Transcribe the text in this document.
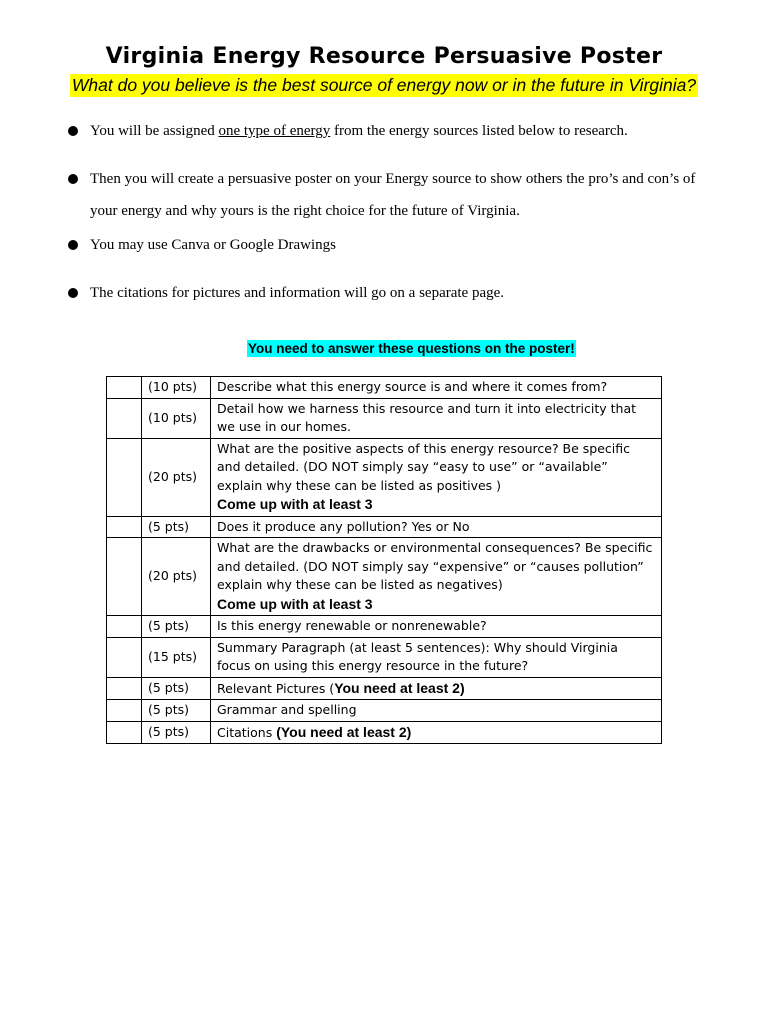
Virginia Energy Resource Persuasive Poster
What do you believe is the best source of energy now or in the future in Virginia?
You will be assigned one type of energy from the energy sources listed below to research.
Then you will create a persuasive poster on your Energy source to show others the pro’s and con’s of your energy and why yours is the right choice for the future of Virginia.
You may use Canva or Google Drawings
The citations for pictures and information will go on a separate page.
You need to answer these questions on the poster!
	(10 pts)	Describe what this energy source is and where it comes from?
	(10 pts)	Detail how we harness this resource and turn it into electricity that we use in our homes.
	(20 pts)	What are the positive aspects of this energy resource? Be specific and detailed. (DO NOT simply say “easy to use” or “available” explain why these can be listed as positives )
Come up with at least 3
	(5 pts)	Does it produce any pollution? Yes or No
	(20 pts)	What are the drawbacks or environmental consequences? Be specific and detailed. (DO NOT simply say “expensive” or “causes pollution” explain why these can be listed as negatives)
Come up with at least 3
	(5 pts)	Is this energy renewable or nonrenewable?
	(15 pts)	Summary Paragraph (at least 5 sentences): Why should Virginia focus on using this energy resource in the future?
	(5 pts)	Relevant Pictures (You need at least 2)
	(5 pts)	Grammar and spelling
	(5 pts)	Citations (You need at least 2)
